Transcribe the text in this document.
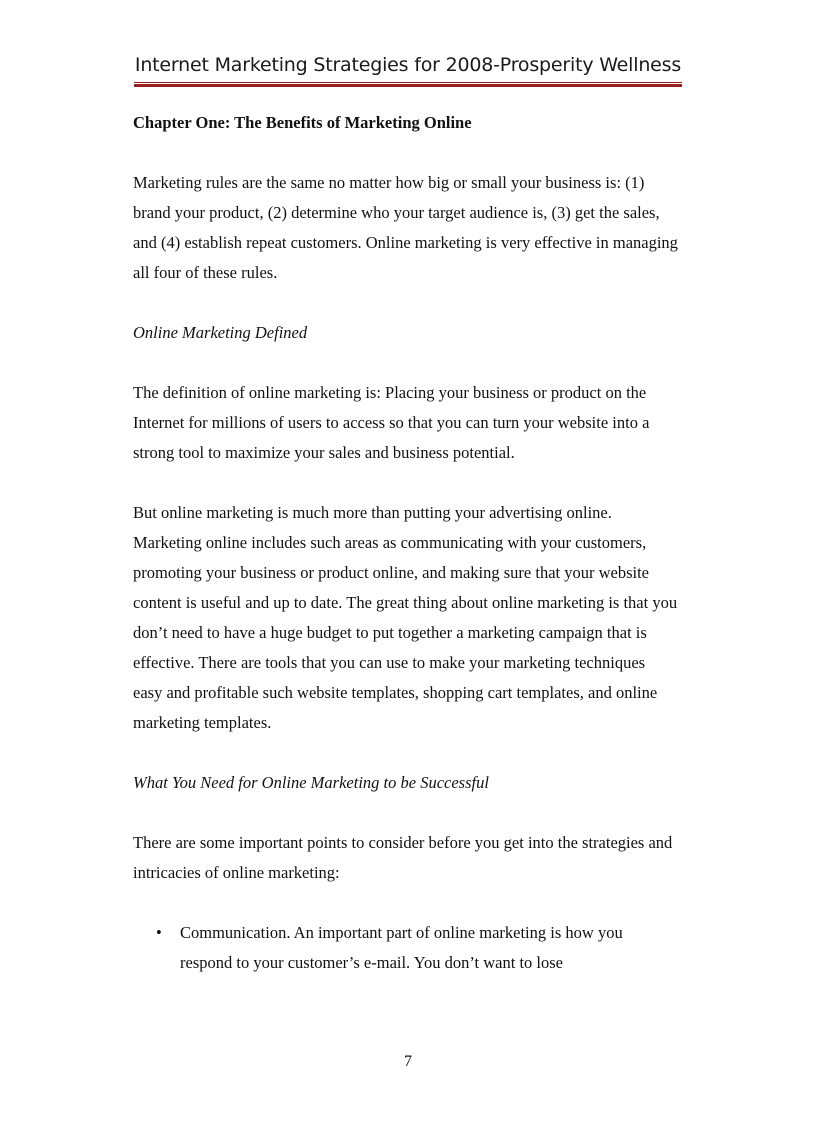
Internet Marketing Strategies for 2008-Prosperity Wellness

Chapter One: The Benefits of Marketing Online

Marketing rules are the same no matter how big or small your business is: (1) brand your product, (2) determine who your target audience is, (3) get the sales, and (4) establish repeat customers. Online marketing is very effective in managing all four of these rules.

Online Marketing Defined

The definition of online marketing is: Placing your business or product on the Internet for millions of users to access so that you can turn your website into a strong tool to maximize your sales and business potential.

But online marketing is much more than putting your advertising online. Marketing online includes such areas as communicating with your customers, promoting your business or product online, and making sure that your website content is useful and up to date. The great thing about online marketing is that you don’t need to have a huge budget to put together a marketing campaign that is effective. There are tools that you can use to make your marketing techniques easy and profitable such website templates, shopping cart templates, and online marketing templates.

What You Need for Online Marketing to be Successful

There are some important points to consider before you get into the strategies and intricacies of online marketing:

• Communication. An important part of online marketing is how you respond to your customer’s e-mail. You don’t want to lose
7
